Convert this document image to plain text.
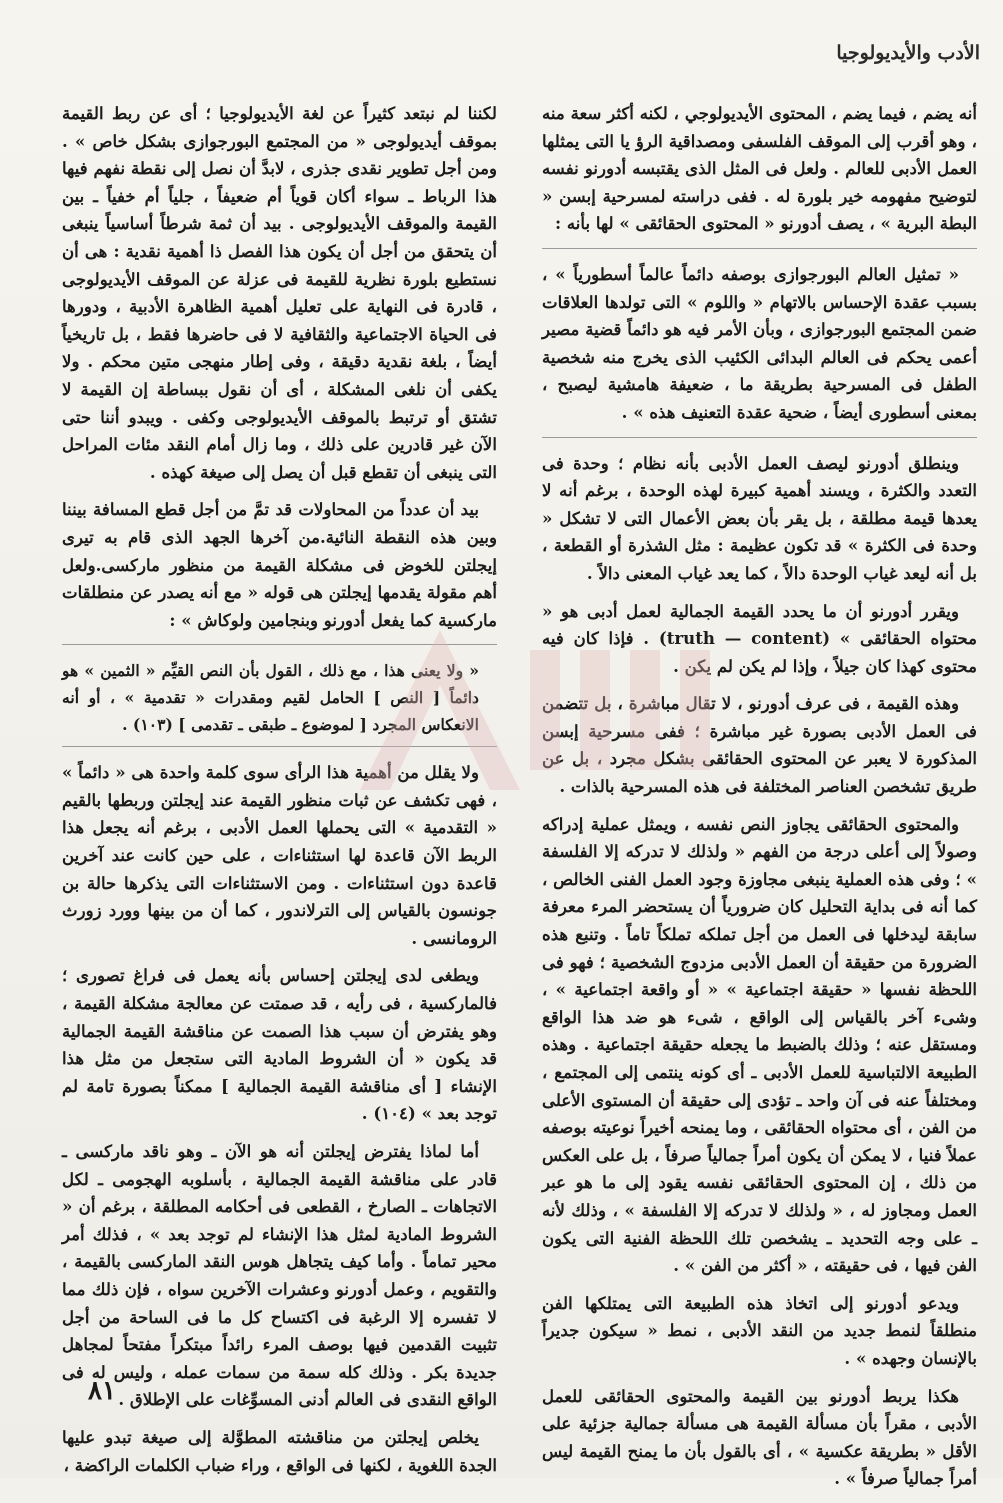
الأدب والأيديولوجيا

أنه يضم ، فيما يضم ، المحتوى الأيديولوجي ، لكنه أكثر سعة منه ، وهو أقرب إلى الموقف الفلسفى ومصداقية الرؤ يا التى يمثلها العمل الأدبى للعالم . ولعل فى المثل الذى يقتبسه أدورنو نفسه لتوضيح مفهومه خير بلورة له . ففى دراسته لمسرحية إبسن « البطة البرية » ، يصف أدورنو « المحتوى الحقائقى » لها بأنه :

« تمثيل العالم البورجوازى بوصفه دائماً عالماً أسطورياً » ، بسبب عقدة الإحساس بالاتهام « واللوم » التى تولدها العلاقات ضمن المجتمع البورجوازى ، وبأن الأمر فيه هو دائماً قضية مصير أعمى يحكم فى العالم البدائى الكئيب الذى يخرج منه شخصية الطفل فى المسرحية بطريقة ما ، ضعيفة هامشية ليصبح ، بمعنى أسطورى أيضاً ، ضحية عقدة التعنيف هذه » .

وينطلق أدورنو ليصف العمل الأدبى بأنه نظام ؛ وحدة فى التعدد والكثرة ، ويسند أهمية كبيرة لهذه الوحدة ، برغم أنه لا يعدها قيمة مطلقة ، بل يقر بأن بعض الأعمال التى لا تشكل « وحدة فى الكثرة » قد تكون عظيمة : مثل الشذرة أو القطعة ، بل أنه ليعد غياب الوحدة دالاً ، كما يعد غياب المعنى دالاً .

ويقرر أدورنو أن ما يحدد القيمة الجمالية لعمل أدبى هو « محتواه الحقائقى » (truth — content) . فإذا كان فيه محتوى كهذا كان جيلاً ، وإذا لم يكن لم يكن .

وهذه القيمة ، فى عرف أدورنو ، لا تقال مباشرة ، بل تتضمن فى العمل الأدبى بصورة غير مباشرة ؛ ففى مسرحية إبسن المذكورة لا يعبر عن المحتوى الحقائقى بشكل مجرد ، بل عن طريق تشخصن العناصر المختلفة فى هذه المسرحية بالذات .

والمحتوى الحقائقى يجاوز النص نفسه ، ويمثل عملية إدراكه وصولاً إلى أعلى درجة من الفهم « ولذلك لا تدركه إلا الفلسفة » ؛ وفى هذه العملية ينبغى مجاوزة وجود العمل الفنى الخالص ، كما أنه فى بداية التحليل كان ضرورياً أن يستحضر المرء معرفة سابقة ليدخلها فى العمل من أجل تملكه تملكاً تاماً . وتنبع هذه الضرورة من حقيقة أن العمل الأدبى مزدوج الشخصية ؛ فهو فى اللحظة نفسها « حقيقة اجتماعية » « أو واقعة اجتماعية » ، وشىء آخر بالقياس إلى الواقع ، شىء هو ضد هذا الواقع ومستقل عنه ؛ وذلك بالضبط ما يجعله حقيقة اجتماعية . وهذه الطبيعة الالتباسية للعمل الأدبى ـ أى كونه ينتمى إلى المجتمع ، ومختلفاً عنه فى آن واحد ـ تؤدى إلى حقيقة أن المستوى الأعلى من الفن ، أى محتواه الحقائقى ، وما يمنحه أخيراً نوعيته بوصفه عملاً فنيا ، لا يمكن أن يكون أمراً جمالياً صرفاً ، بل على العكس من ذلك ، إن المحتوى الحقائقى نفسه يقود إلى ما هو عبر العمل ومجاوز له ، « ولذلك لا تدركه إلا الفلسفة » ، وذلك لأنه ـ على وجه التحديد ـ يشخصن تلك اللحظة الفنية التى يكون الفن فيها ، فى حقيقته ، « أكثر من الفن » .

ويدعو أدورنو إلى اتخاذ هذه الطبيعة التى يمتلكها الفن منطلقاً لنمط جديد من النقد الأدبى ، نمط « سيكون جديراً بالإنسان وجهده » .

هكذا يربط أدورنو بين القيمة والمحتوى الحقائقى للعمل الأدبى ، مقراً بأن مسألة القيمة هى مسألة جمالية جزئية على الأقل « بطريقة عكسية » ، أى بالقول بأن ما يمنح القيمة ليس أمراً جمالياً صرفاً » .

لكننا لم نبتعد كثيراً عن لغة الأيديولوجيا ؛ أى عن ربط القيمة بموقف أيديولوجى « من المجتمع البورجوازى بشكل خاص » . ومن أجل تطوير نقدى جذرى ، لابدَّ أن نصل إلى نقطة نفهم فيها هذا الرباط ـ سواء أكان قوياً أم ضعيفاً ، جلياً أم خفياً ـ بين القيمة والموقف الأيديولوجى . بيد أن ثمة شرطاً أساسياً ينبغى أن يتحقق من أجل أن يكون هذا الفصل ذا أهمية نقدية : هى أن نستطيع بلورة نظرية للقيمة فى عزلة عن الموقف الأيديولوجى ، قادرة فى النهاية على تعليل أهمية الظاهرة الأدبية ، ودورها فى الحياة الاجتماعية والثقافية لا فى حاضرها فقط ، بل تاريخياً أيضاً ، بلغة نقدية دقيقة ، وفى إطار منهجى متين محكم . ولا يكفى أن نلغى المشكلة ، أى أن نقول ببساطة إن القيمة لا تشتق أو ترتبط بالموقف الأيديولوجى وكفى . ويبدو أننا حتى الآن غير قادرين على ذلك ، وما زال أمام النقد مئات المراحل التى ينبغى أن تقطع قبل أن يصل إلى صيغة كهذه .

بيد أن عدداً من المحاولات قد تمَّ من أجل قطع المسافة بيننا وبين هذه النقطة النائية.من آخرها الجهد الذى قام به تيرى إيجلتن للخوض فى مشكلة القيمة من منظور ماركسى.ولعل أهم مقولة يقدمها إيجلتن هى قوله « مع أنه يصدر عن منطلقات ماركسية كما يفعل أدورنو وبنجامين ولوكاش » :

« ولا يعنى هذا ، مع ذلك ، القول بأن النص القيِّم « الثمين » هو دائماً [ النص ] الحامل لقيم ومقدرات « تقدمية » ، أو أنه الانعكاس المجرد [ لموضوع ـ طبقى ـ تقدمى ] (١٠٣) .

ولا يقلل من أهمية هذا الرأى سوى كلمة واحدة هى « دائماً » ، فهى تكشف عن ثبات منظور القيمة عند إيجلتن وربطها بالقيم « التقدمية » التى يحملها العمل الأدبى ، برغم أنه يجعل هذا الربط الآن قاعدة لها استثناءات ، على حين كانت عند آخرين قاعدة دون استثناءات . ومن الاستثناءات التى يذكرها حالة بن جونسون بالقياس إلى الترلاندور ، كما أن من بينها وورد زورث الرومانسى .

ويطغى لدى إيجلتن إحساس بأنه يعمل فى فراغ تصورى ؛ فالماركسية ، فى رأيه ، قد صمتت عن معالجة مشكلة القيمة ، وهو يفترض أن سبب هذا الصمت عن مناقشة القيمة الجمالية قد يكون « أن الشروط المادية التى ستجعل من مثل هذا الإنشاء [ أى مناقشة القيمة الجمالية ] ممكناً بصورة تامة لم توجد بعد » (١٠٤) .

أما لماذا يفترض إيجلتن أنه هو الآن ـ وهو ناقد ماركسى ـ قادر على مناقشة القيمة الجمالية ، بأسلوبه الهجومى ـ لكل الاتجاهات ـ الصارخ ، القطعى فى أحكامه المطلقة ، برغم أن « الشروط المادية لمثل هذا الإنشاء لم توجد بعد » ، فذلك أمر محير تماماً . وأما كيف يتجاهل هوس النقد الماركسى بالقيمة ، والتقويم ، وعمل أدورنو وعشرات الآخرين سواه ، فإن ذلك مما لا تفسره إلا الرغبة فى اكتساح كل ما فى الساحة من أجل تثبيت القدمين فيها بوصف المرء رائداً مبتكراً مفتحاً لمجاهل جديدة بكر . وذلك كله سمة من سمات عمله ، وليس له فى الواقع النقدى فى العالم أدنى المسوِّغات على الإطلاق .

يخلص إيجلتن من مناقشته المطوَّلة إلى صيغة تبدو عليها الجدة اللغوية ، لكنها فى الواقع ، وراء ضباب الكلمات الراكضة ،

٨١
